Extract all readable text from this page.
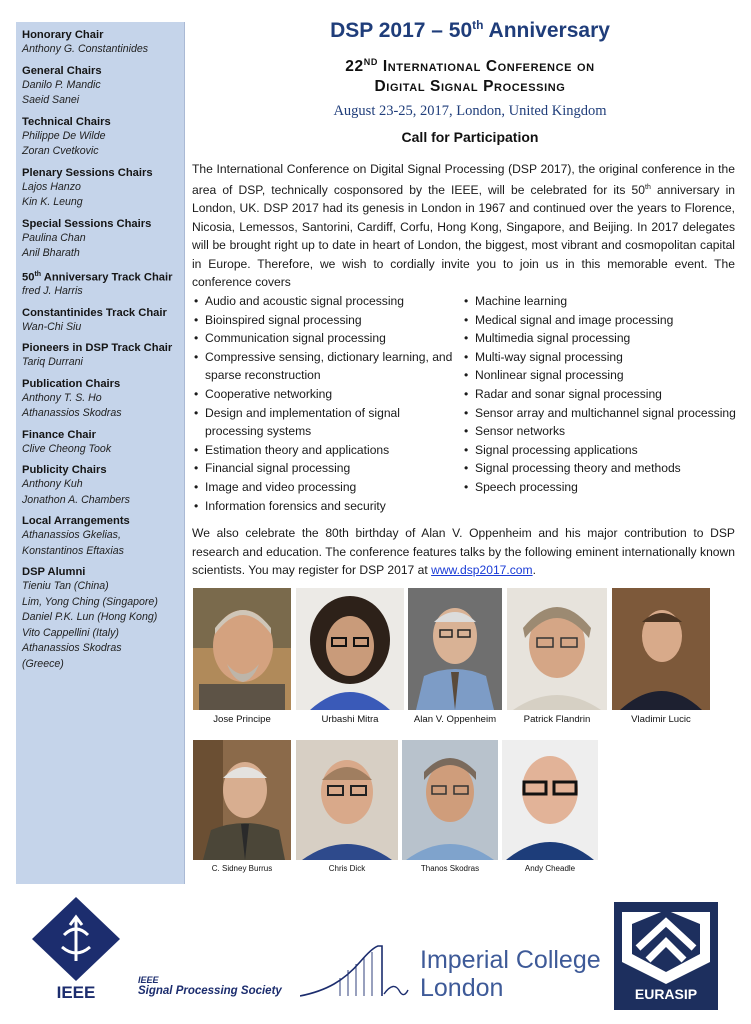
Honorary Chair
Anthony G. Constantinides
General Chairs
Danilo P. Mandic
Saeid Sanei
Technical Chairs
Philippe De Wilde
Zoran Cvetkovic
Plenary Sessions Chairs
Lajos Hanzo
Kin K. Leung
Special Sessions Chairs
Paulina Chan
Anil Bharath
50th Anniversary Track Chair
fred J. Harris
Constantinides Track Chair
Wan-Chi Siu
Pioneers in DSP Track Chair
Tariq Durrani
Publication Chairs
Anthony T. S. Ho
Athanassios Skodras
Finance Chair
Clive Cheong Took
Publicity Chairs
Anthony Kuh
Jonathon A. Chambers
Local Arrangements
Athanassios Gkelias,
Konstantinos Eftaxias
DSP Alumni
Tieniu Tan (China)
Lim, Yong Ching (Singapore)
Daniel P.K. Lun (Hong Kong)
Vito Cappellini (Italy)
Athanassios Skodras
(Greece)
DSP 2017 – 50th Anniversary
22ND International Conference on
Digital Signal Processing
August 23-25, 2017, London, United Kingdom
Call for Participation
The International Conference on Digital Signal Processing (DSP 2017), the original conference in the area of DSP, technically cosponsored by the IEEE, will be celebrated for its 50th anniversary in London, UK. DSP 2017 had its genesis in London in 1967 and continued over the years to Florence, Nicosia, Lemessos, Santorini, Cardiff, Corfu, Hong Kong, Singapore, and Beijing. In 2017 delegates will be brought right up to date in heart of London, the biggest, most vibrant and cosmopolitan capital in Europe. Therefore, we wish to cordially invite you to join us in this memorable event. The conference covers
• Audio and acoustic signal processing
• Bioinspired signal processing
• Communication signal processing
• Compressive sensing, dictionary learning, and sparse reconstruction
• Cooperative networking
• Design and implementation of signal processing systems
• Estimation theory and applications
• Financial signal processing
• Image and video processing
• Information forensics and security
• Machine learning
• Medical signal and image processing
• Multimedia signal processing
• Multi-way signal processing
• Nonlinear signal processing
• Radar and sonar signal processing
• Sensor array and multichannel signal processing
• Sensor networks
• Signal processing applications
• Signal processing theory and methods
• Speech processing
We also celebrate the 80th birthday of Alan V. Oppenheim and his major contribution to DSP research and education. The conference features talks by the following eminent internationally known scientists. You may register for DSP 2017 at www.dsp2017.com.
Jose Principe	Urbashi Mitra	Alan V. Oppenheim	Patrick Flandrin	Vladimir Lucic
C. Sidney Burrus	Chris Dick	Thanos Skodras	Andy Cheadle
IEEE
IEEE
Signal Processing Society
Imperial College
London	EURASIP
